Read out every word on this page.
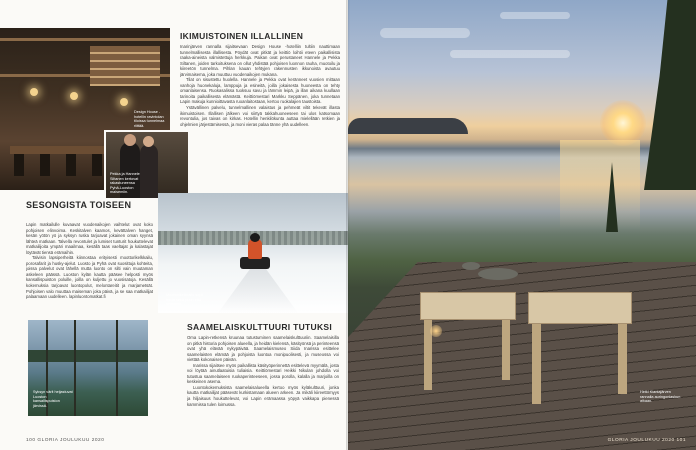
Design House -hotellin ravintolan tiloissa tunnelmaa riittää.
Pekka ja Hannele Siltanen kertovat rakastuneensa Pyhä-Luoston maisemiin.
IKIMUISTOINEN ILLALLINEN

Inarinjärven rannalla sijaitsevaan Design House -hotelliin tultiin nauttimaan tunnelmallisesta illallisesta. Pöydät ovat pitkät ja keittiö loihtii eteen paikallisista raaka-aineista valmistettuja herkkuja. Paikan ovat perustaneet Hannele ja Pekka Siltanen, joiden tarkoituksena on ollut yhdistää pohjoisen luonnon rauha, muotoilu ja kiireetön tunnelma. Pihlan kauan tehtyjen rakennusten ikkunoista avautuu järvimaisema, joka muuttuu vuodenaikojen mukana.

Tilat on sisustettu huolella. Hannele ja Pekka ovat keränneet vuosien mittaan vanhoja huonekaluja, lamppuja ja esineitä, joilla jokaisesta huoneesta on tehty omanlaisensa. Ruokasalissa tuoksuu savu ja lämmin leipä, ja illan aikana kuullaan tarinoita paikallisesta elämästä. Keittiömestari Markku Seppänen, joka tunnetaan Lapin makuja kunnioittavasta ruoanlaitostaan, kertoo ruokalajien taustoista.

Ystävällinen palvelu, tunnelmallinen valaistus ja pehmeät viltit tekevät illasta ikimuistoisen. Illallisen jälkeen voi siirtyä takkahuoneeseen tai ulos katsomaan revontulia, jos taivas on kirkas. Hotellin henkilökunta auttaa mielellään retkien ja ohjelmien järjestämisessä, ja moni vieras palaa tänne yhä uudelleen.

SESONGISTA TOISEEN

Lapin matkailulle kuvaavat vuodenaikojen vaihtelut ovat koko pohjoisen elinvoima. Keskitalven kaamos, kevättalven hanget, kesän yötön yö ja syksyn ruska tarjoavat jokainen oman syynsä lähteä matkaan. Talvella revontulet ja lumiset tunturit houkuttelevat matkailijoita ympäri maailmaa, kesällä taas vaeltajat ja kalastajat löytävät tiensä erämaihin.

Talvisin lapsiperheitä kiinnostaa erityisesti moottorikelkkailu, porosafarit ja husky-ajelut. Luosto ja Pyhä ovat suosittuja kohteita, joissa palvelut ovat lähellä mutta luonto on silti vain muutaman askeleen päässä. Luoston kylän kautta pääsee helposti myös kansallispuiston poluille, joilla on kuljettu jo vuosisatoja. Kesällä kokemuksia tarjoavat luontopolut, melontareitit ja marjametsät. Pohjoisen valo muuttaa maiseman joka päivä, ja se saa matkailijat palaamaan uudelleen. lapinluontomatkat.fi	Moottorikelkkailu sopii hyvin sekä yksin että seurassa.
Syksyn värit heijastuvat Luoston kansallispuiston järvissä.
SAAMELAISKULTTUURI TUTUKSI

Oma Lapin-retkensä kruunaa tutustuminen saamelaiskulttuuriin. Saamelaisilla on pitkä historia pohjoisen alueella, ja heidän kielensä, käsityönsä ja perinteensä ovat yhä elävää nykypäivää. Saamelaismuseo Siida Inarissa esittelee saamelaisten elämää ja pohjoista luontoa monipuolisesti, ja museossa voi viettää kokonaisen päivän.

Inarissa sijaitsee myös paikallista käsityöperinnettä esittelevä myymälä, josta voi löytää ainutlaatuisia tuliaisia. Keittiömestari Heikki Nikulan johdolla voi tutustua saamelaiseen ruokaperinteeseen, jossa porolla, kalalla ja marjoilla on keskeinen asema.

Luontokokemuksista saamelaisalueella kertoo myös kyläkulttuuri, jonka kautta matkailijat pääsevät kurkistamaan alueen arkeen. Ja mikäli kiireettömyys ja hiljaisuus houkuttelevat, voi Lapin erämaassa yöpyä vaikkapa pienessä kammissa tulen loimussa.

100 GLORIA JOULUKUU 2020
Hetki Kiantajärven rannalla auringonlaskun aikaan.
GLORIA JOULUKUU 2020 101
